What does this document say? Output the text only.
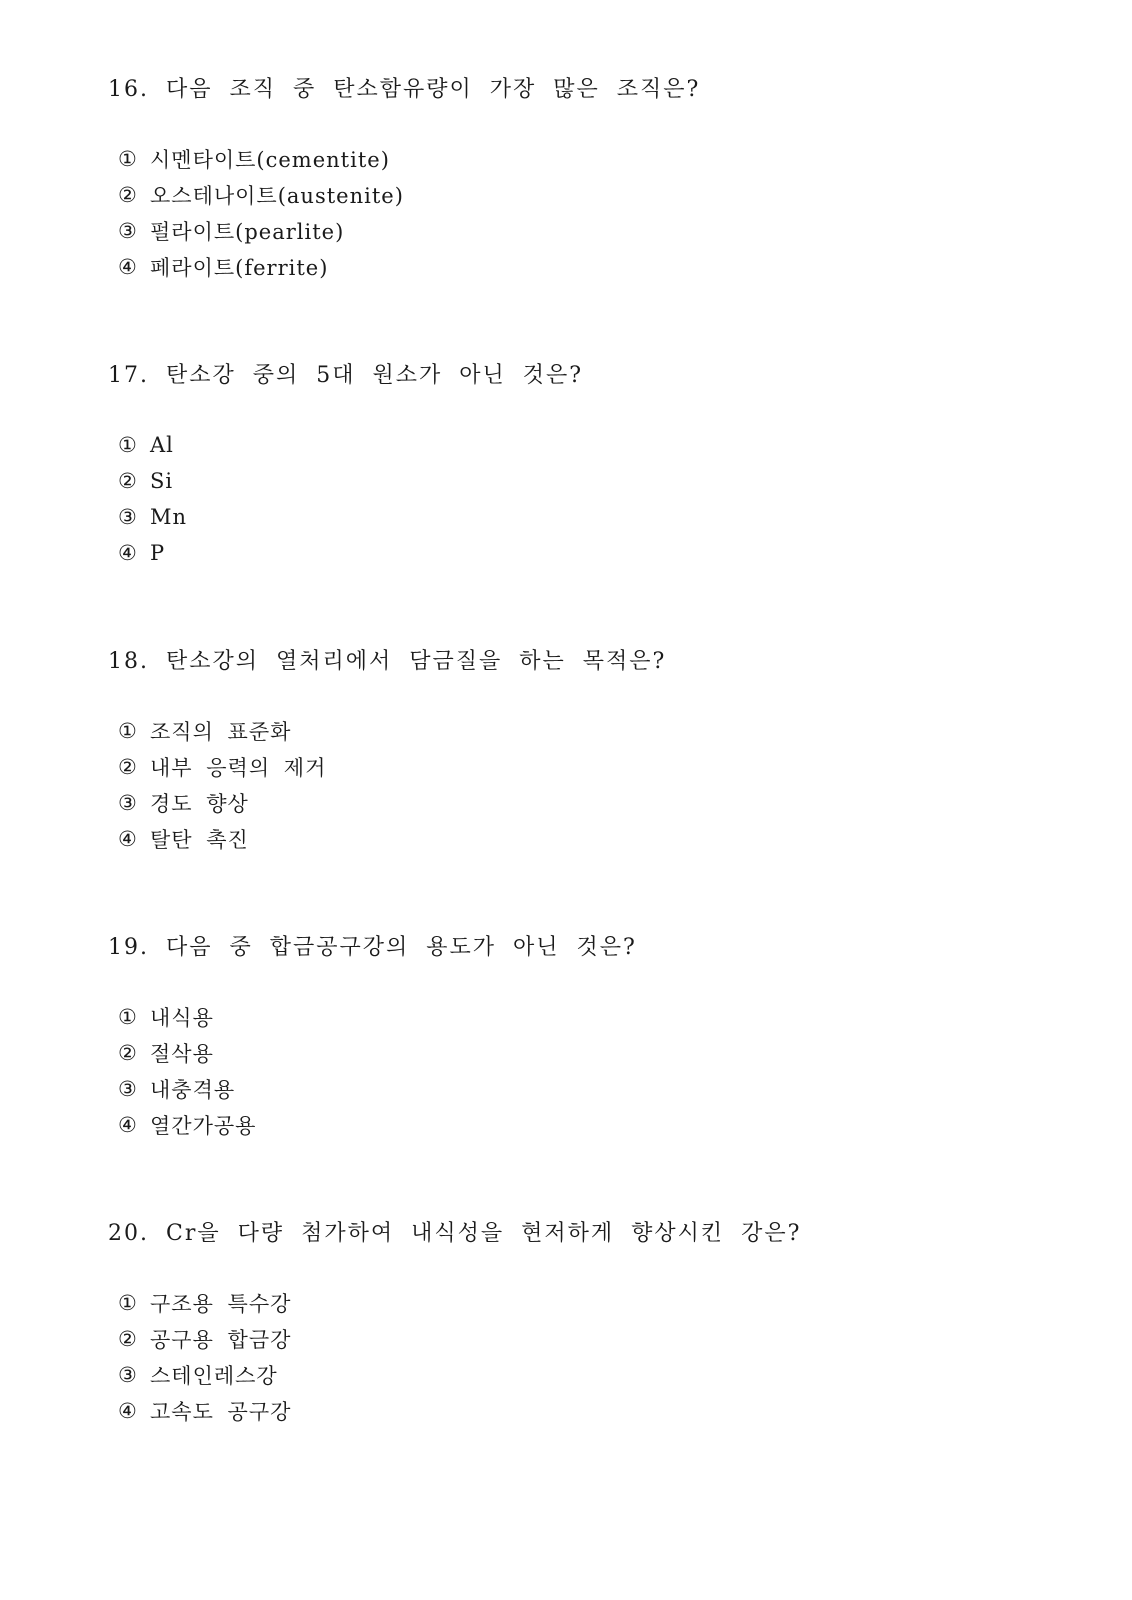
16. 다음 조직 중 탄소함유량이 가장 많은 조직은?
① 시멘타이트(cementite)
② 오스테나이트(austenite)
③ 펄라이트(pearlite)
④ 페라이트(ferrite)
17. 탄소강 중의 5대 원소가 아닌 것은?
① Al
② Si
③ Mn
④ P
18. 탄소강의 열처리에서 담금질을 하는 목적은?
① 조직의 표준화
② 내부 응력의 제거
③ 경도 향상
④ 탈탄 촉진
19. 다음 중 합금공구강의 용도가 아닌 것은?
① 내식용
② 절삭용
③ 내충격용
④ 열간가공용
20. Cr을 다량 첨가하여 내식성을 현저하게 향상시킨 강은?
① 구조용 특수강
② 공구용 합금강
③ 스테인레스강
④ 고속도 공구강
